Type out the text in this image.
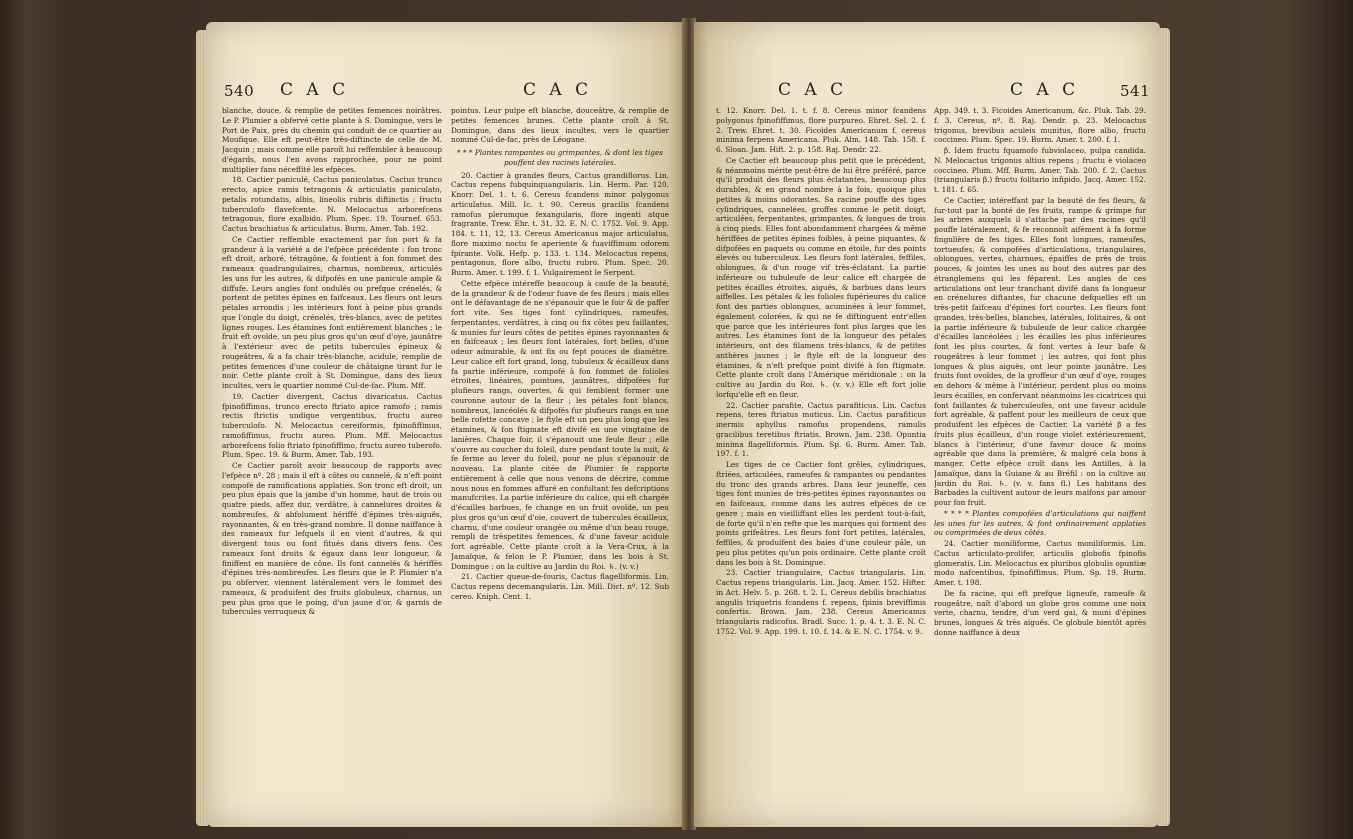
540 C A C	C A C

blanche, douce, & remplie de petites femences noirâtres. Le P. Plumier a obfervé cette plante à S. Domingue, vers le Port de Paix, près du chemin qui conduit de ce quartier au Moufique. Elle eft peut-être très-diftincte de celle de M. Jacquin ; mais comme elle paroît lui reffembler à beaucoup d'égards, nous l'en avons rapprochée, pour ne point multiplier fans néceffité les efpèces.

18. Cactier paniculé, Cactus paniculatus. Cactus trunco erecto, apice ramis tetragonis & articulatis paniculato, petalis rotundatis, albis, lineolis rubris diftinctis ; fructu tuberculofo flavefcente. N. Melocactus arborefcens tetragonus, flore exalbido. Plum. Spec. 19. Tournef. 653. Cactus brachiatus & articulatus. Burm. Amer. Tab. 192.

Ce Cactier reffemble exactement par fon port & fa grandeur à la variété a de l'efpèce précédente : fon tronc eft droit, arboré, tétragône, & foutient à fon fommet des rameaux quadrangulaires, charnus, nombreux, articulés les uns fur les autres, & difpofés en une panicule ample & diffufe. Leurs angles font ondulés ou prefque crénelés, & portent de petites épines en faifceaux. Les fleurs ont leurs pétales arrondis ; les intérieurs font à peine plus grands que l'ongle du doigt, crénelés, très-blancs, avec de petites lignes rouges. Les étamines font entièrement blanches ; le fruit eft ovoïde, un peu plus gros qu'un œuf d'oye, jaunâtre à l'extérieur avec de petits tubercules épineux & rougeâtres, & a fa chair très-blanche, acidule, remplie de petites femences d'une couleur de châtaigne tirant fur le noir. Cette plante croît à St. Domingue, dans des lieux incultes, vers le quartier nommé Cul-de-fac. Plum. Mff.

19. Cactier divergent, Cactus divaricatus. Cactus fpinofiffimus, trunco erecto ftriato apice ramofo ; ramis rectis ftrictis undique vergentibus, fructu aureo tuberculofo. N. Melocactus cereiformis, fpinofiffimus, ramofiffimus, fructu aureo. Plum. Mff. Melocactus arborefcens folio ftriato fpinofiffimo, fructu aureo tuberofo. Plum. Spec. 19. & Burm. Amer. Tab. 193.

Ce Cactier paroît avoir beaucoup de rapports avec l'efpèce nº. 28 ; mais il eft à côtes ou cannelé, & n'eft point compofé de ramifications applaties. Son tronc eft droit, un peu plus épais que la jambe d'un homme, haut de trois ou quatre pieds, affez dur, verdâtre, à cannelures droites & nombreufes, & abfolument hériffé d'épines très-aiguës, rayonnantes, & en très-grand nombre. Il donne naiffance à des rameaux fur lefquels il en vient d'autres, & qui divergent tous ou font fitués dans divers fens. Ces rameaux font droits & égaux dans leur longueur, & finiffent en manière de cône. Ils font cannelés & hériffés d'épines très-nombreufes. Les fleurs que le P. Plumier n'a pu obferver, viennent latéralement vers le fommet des rameaux, & produifent des fruits globuleux, charnus, un peu plus gros que le poing, d'un jaune d'or, & garnis de tubercules verruqueux &

pointus. Leur pulpe eft blanche, douceâtre, & remplie de petites femences brunes. Cette plante croît à St. Domingue, dans des lieux incultes, vers le quartier nommé Cul-de-fac, près de Léogane.

* * * Plantes rampantes ou grimpantes, & dont les tiges pouffent des racines latérales.

20. Cactier à grandes fleurs, Cactus grandiflorus. Lin. Cactus repens fubquinquangularis. Lin. Herm. Par. 120. Knorr. Del. 1. t. 6. Cereus fcandens minor polygonus articulatus. Mill. Ic. t. 90. Cereus gracilis fcandens ramofus plerumque fexangularis, flore ingenti atque fragrante. Trew. Ehr. t. 31, 32. E. N. C. 1752. Vol. 9. App. 184. t. 11, 12, 13. Cereus Americanus major articulatus, flore maximo noctu fe aperiente & fuaviffimum odorem fpirante. Volk. Hefp. p. 133. t. 134. Melocactus repens, pentagonus, flore albo, fructu rubro. Plum. Spec. 20. Burm. Amer. t. 199. f. 1. Vulgairement le Serpent.

Cette efpèce intéreffe beaucoup à caufe de la beauté, de la grandeur & de l'odeur fuave de fes fleurs ; mais elles ont le défavantage de ne s'épanouir que le foir & de paffer fort vite. Ses tiges font cylindriques, rameufes, ferpentantes, verdâtres, à cinq ou fix côtes peu faillantes, & munies fur leurs côtes de petites épines rayonnantes & en faifceaux ; les fleurs font latérales, fort belles, d'une odeur admirable, & ont fix ou fept pouces de diamètre. Leur calice eft fort grand, long, tubuleux & écailleux dans fa partie inférieure, compofé à fon fommet de folioles étroites, linéaires, pointues, jaunâtres, difpofées fur plufieurs rangs, ouvertes, & qui femblent former une couronne autour de la fleur ; les pétales font blancs, nombreux, lancéolés & difpofés fur plufieurs rangs en une belle rofette concave ; le ftyle eft un peu plus long que les étamines, & fon ftigmate eft divifé en une vingtaine de lanières. Chaque foir, il s'épanouit une feule fleur ; elle s'ouvre au coucher du foleil, dure pendant toute la nuit, & fe ferme au lever du foleil, pour ne plus s'épanouir de nouveau. La plante citée de Plumier fe rapporte entièrement à celle que nous venons de décrire, comme nous nous en fommes affuré en confultant fes defcriptions manufcrites. La partie inférieure du calice, qui eft chargée d'écailles barbues, fe change en un fruit ovoïde, un peu plus gros qu'un œuf d'oie, couvert de tubercules écailleux, charnu, d'une couleur orangée ou même d'un beau rouge, rempli de trèspetites femences, & d'une faveur acidule fort agréable. Cette plante croît à la Vera-Crux, à la Jamaïque, & felon le P. Plumier, dans les bois à St. Domingue : on la cultive au Jardin du Roi. ♄. (v. v.)

21. Cactier queue-de-fouris, Cactus flagelliformis. Lin. Cactus repens decemangularis. Lin. Mill. Dict. nº. 12. Sub cereo. Kniph. Cent. 1.

C A C	C A C	541

t. 12. Knorr. Del. 1. t. f. 8. Cereus minor fcandens polygonus fpinofiffimus, flore purpureo. Ehret. Sel. 2. f. 2. Trew. Ehret. t. 30. Ficoides Americanum f. cereus minima ferpens Americana. Pluk. Alm. 148. Tab. 158. f. 6. Sloan. Jam. Hift. 2. p. 158. Raj. Dendr. 22.

Ce Cactier eft beaucoup plus petit que le précédent, & néanmoins mérite peut-être de lui être préféré, parce qu'il produit des fleurs plus éclatantes, beaucoup plus durables, & en grand nombre à la fois, quoique plus petites & moins odorantes. Sa racine pouffe des tiges cylindriques, cannelées, groffes comme le petit doigt, articulées, ferpentantes, grimpantes, & longues de trois à cinq pieds. Elles font abondamment chargées & même hériffées de petites épines foibles, à peine piquantes, & difpofées en paquets ou comme en étoile, fur des points élevés ou tuberculeux. Les fleurs font latérales, feffiles, oblongues, & d'un rouge vif très-éclatant. La partie inférieure ou tubuleufe de leur calice eft chargée de petites écailles étroites, aiguës, & barbues dans leurs aiffelles. Les pétales & les folioles fupérieures du calice font des parties oblongues, acuminées à leur fommet, également colorées, & qui ne fe diftinguent entr'elles que parce que les intérieures font plus larges que les autres. Les étamines font de la longueur des pétales intérieurs, ont des filamens très-blancs, & de petites anthères jaunes ; le ftyle eft de la longueur des étamines, & n'eft prefque point divifé à fon ftigmate. Cette plante croît dans l'Amérique méridionale : on la cultive au Jardin du Roi. ♄. (v. v.) Elle eft fort jolie lorfqu'elle eft en fleur.

22. Cactier parafite, Cactus parafiticus. Lin. Cactus repens, teres ftriatus muticus. Lin. Cactus parafiticus inermis aphyllus ramofus propendens, ramulis gracilibus teretibus ftriatis. Brown. Jam. 238. Opuntia minima flagelliformis. Plum. Sp. 6. Burm. Amer. Tab. 197. f. 1.

Les tiges de ce Cactier font grêles, cylindriques, ftriées, articulées, rameufes & rampantes ou pendantes du tronc des grands arbres. Dans leur jeuneffe, ces tiges font munies de très-petites épines rayonnantes ou en faifceaux, comme dans les autres efpèces de ce genre ; mais en vieilliffant elles les perdent tout-à-fait, de forte qu'il n'en refte que les marques qui forment des points grifeâtres. Les fleurs font fort petites, latérales, feffiles, & produifent des baies d'une couleur pâle, un peu plus petites qu'un pois ordinaire. Cette plante croît dans les bois à St. Domingue.

23. Cactier triangulaire, Cactus triangularis. Lin. Cactus repens triangularis. Lin. Jacq. Amer. 152. Hifter. in Act. Helv. 5. p. 268. t. 2. L. Cereus debilis brachiatus angulis triquetris fcandens f. repens, fpinis breviffimis confertis. Brown. Jam. 238. Cereus Americanus triangularis radicofus. Bradl. Succ. 1. p. 4. t. 3. E. N. C. 1752. Vol. 9. App. 199. t. 10. f. 14. & E. N. C. 1754. v. 9.

App. 349. t. 3. Ficoides Americanum, &c. Pluk. Tab. 29. f. 3. Cereus, nº. 8. Raj. Dendr. p. 23. Melocactus trigonus, brevibus aculeis munitus, flore albo, fructu coccineo. Plum. Spec. 19. Burm. Amer. t. 200. f. 1.

β. Idem fructu fquamofo fubviolaceo, pulpa candida. N. Melocactus trigonus altius repens ; fructu è violaceo coccineo. Plum. Mff. Burm. Amer. Tab. 200. f. 2. Cactus (triangularis β.) fructu folitario infipido. Jacq. Amer. 152. t. 181. f. 65.

Ce Cactier, intéreffant par la beauté de fes fleurs, & fur-tout par la bonté de fes fruits, rampe & grimpe fur les arbres auxquels il s'attache par des racines qu'il pouffe latéralement, & fe reconnoît aifément à fa forme fingulière de fes tiges. Elles font longues, rameufes, tortueufes, & compofées d'articulations, triangulaires, oblongues, vertes, charnues, épaiffes de près de trois pouces, & jointes les unes au bout des autres par des étranglemens qui les féparent. Les angles de ces articulations ont leur tranchant divifé dans fa longueur en crénelures diftantes, fur chacune defquelles eft un très-petit faifceau d'épines fort courtes. Les fleurs font grandes, très-belles, blanches, latérales, folitaires, & ont la partie inférieure & tubuleufe de leur calice chargée d'écailles lancéolées ; les écailles les plus inférieures font les plus courtes, & font vertes à leur bafe & rougeâtres à leur fommet ; les autres, qui font plus longues & plus aiguës, ont leur pointe jaunâtre. Les fruits font ovoïdes, de la groffeur d'un œuf d'oye, rouges en dehors & même à l'intérieur, perdent plus ou moins leurs écailles, en confervant néanmoins les cicatrices qui font faillantes & tuberculeufes, ont une faveur acidule fort agréable, & paffent pour les meilleurs de ceux que produifent les efpèces de Cactier. La variété β a fes fruits plus écailleux, d'un rouge violet extérieurement, blancs à l'intérieur, d'une faveur douce & moins agréable que dans la première, & malgré cela bons à manger. Cette efpèce croît dans les Antilles, à la Jamaïque, dans la Guiane & au Bréfil : on la cultive au Jardin du Roi. ♄. (v. v. fans fl.) Les habitans des Barbades la cultivent autour de leurs maifons par amour pour fon fruit.

* * * * Plantes compofées d'articulations qui naiffent les unes fur les autres, & font ordinairement applaties ou comprimées de deux côtés.

24. Cactier moniliforme, Cactus moniliformis. Lin. Cactus articulato-prolifer, articulis globofis fpinofis glomeratis. Lin. Melocactus ex pluribus globulis opuntiæ modo nafcentibus, fpinofiffimus. Plum. Sp. 19. Burm. Amer. t. 198.

De fa racine, qui eft prefque ligneufe, rameufe & rougeâtre, naît d'abord un globe gros comme une noix verte, charnu, tendre, d'un verd gai, & muni d'épines brunes, longues & très aiguës. Ce globule bientôt après donne naiffance à deux
